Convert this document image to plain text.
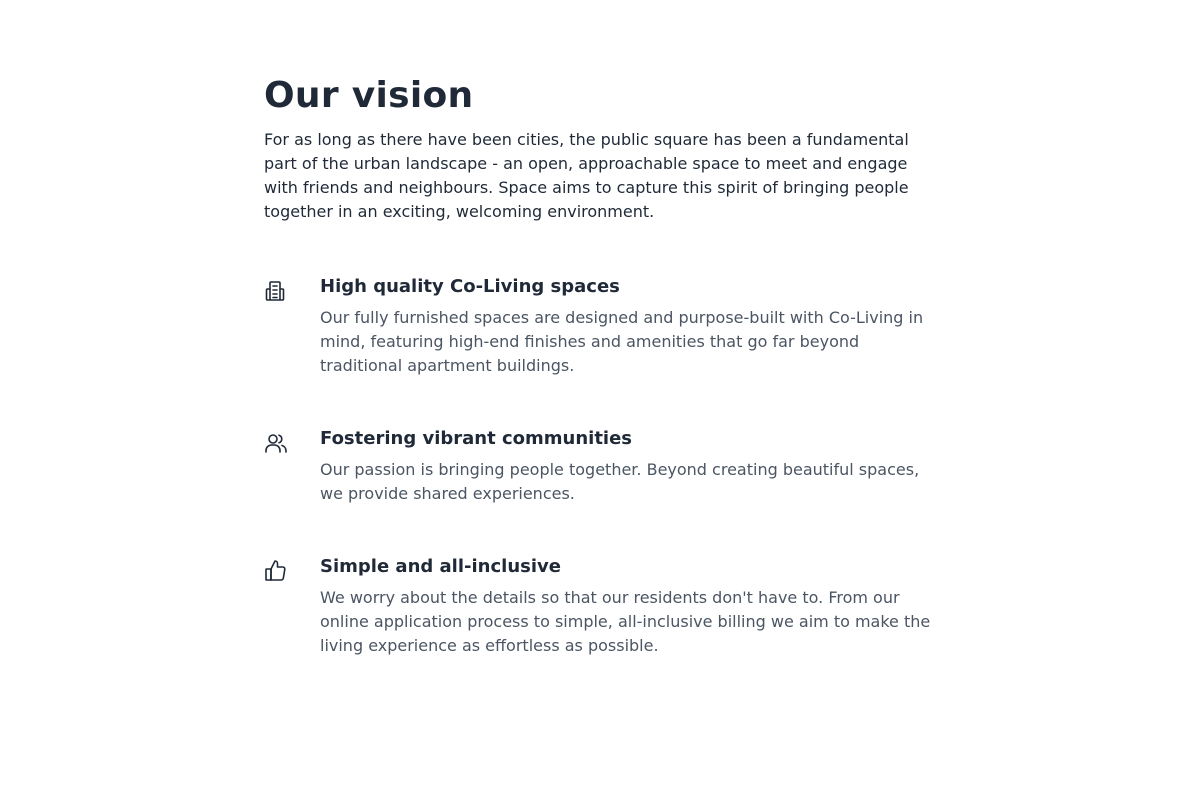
Our vision

For as long as there have been cities, the public square has been a fundamental part of the urban landscape - an open, approachable space to meet and engage with friends and neighbours. Space aims to capture this spirit of bringing people together in an exciting, welcoming environment.

High quality Co-Living spaces

Our fully furnished spaces are designed and purpose-built with Co-Living in mind, featuring high-end finishes and amenities that go far beyond traditional apartment buildings.

Fostering vibrant communities

Our passion is bringing people together. Beyond creating beautiful spaces, we provide shared experiences.

Simple and all-inclusive

We worry about the details so that our residents don't have to. From our online application process to simple, all-inclusive billing we aim to make the living experience as effortless as possible.
